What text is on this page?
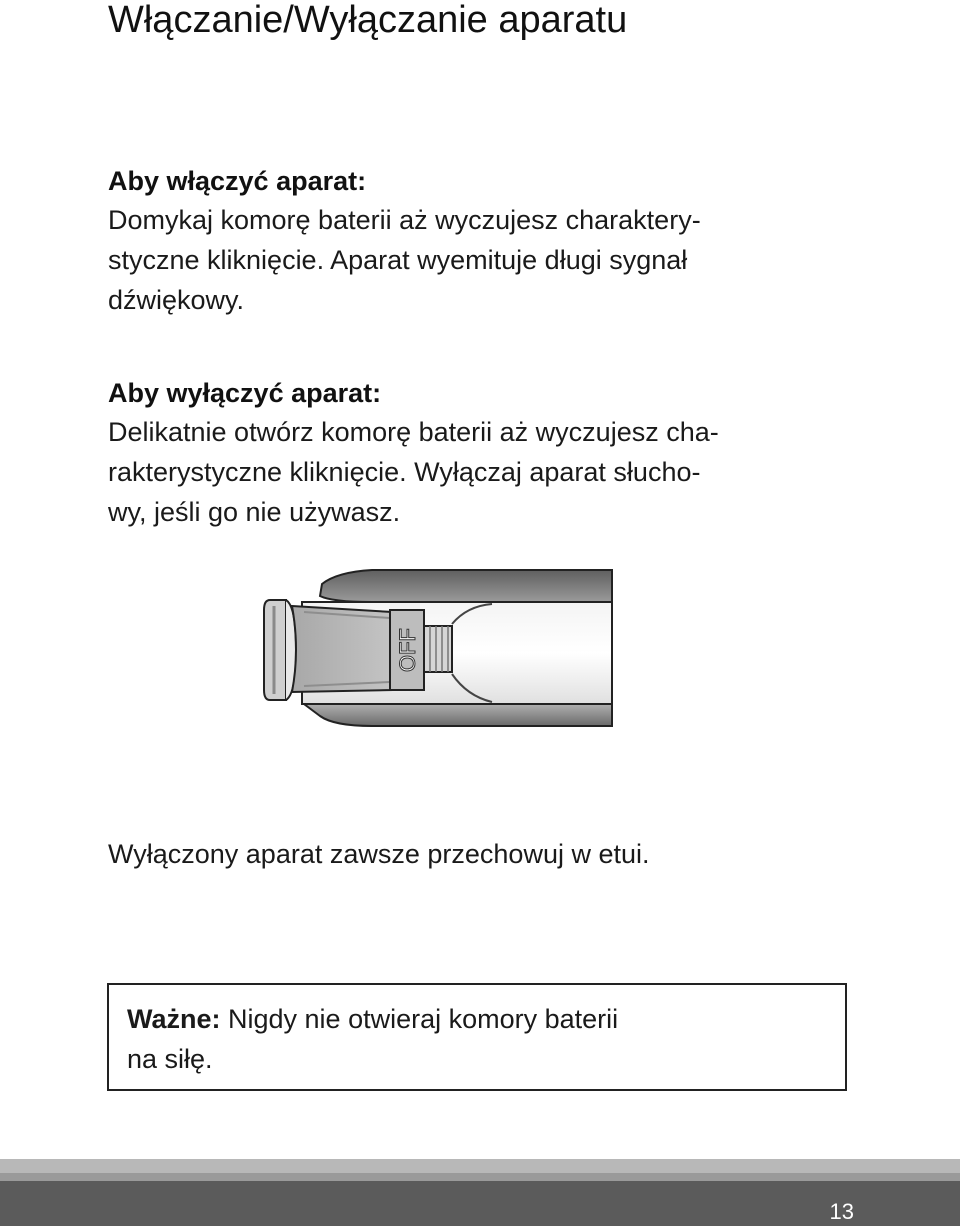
Włączanie/Wyłączanie aparatu
Aby włączyć aparat:
Domykaj komorę baterii aż wyczujesz charaktery-
styczne kliknięcie. Aparat wyemituje długi sygnał
dźwiękowy.
Aby wyłączyć aparat:
Delikatnie otwórz komorę baterii aż wyczujesz cha-
rakterystyczne kliknięcie. Wyłączaj aparat słucho-
wy, jeśli go nie używasz.
OFF
Wyłączony aparat zawsze przechowuj w etui.
Ważne: Nigdy nie otwieraj komory baterii
na siłę.
13
